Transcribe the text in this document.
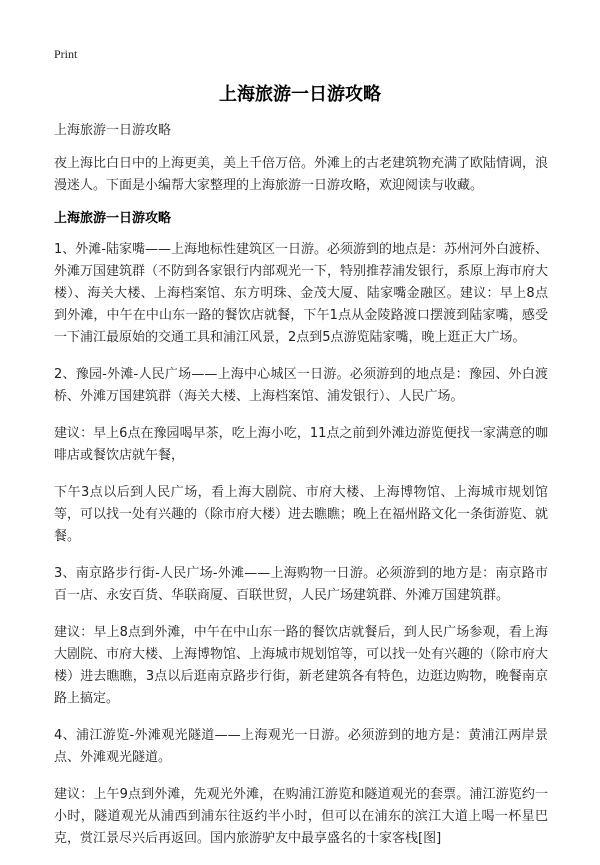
Print
上海旅游一日游攻略

上海旅游一日游攻略

夜上海比白日中的上海更美，美上千倍万倍。外滩上的古老建筑物充满了欧陆情调，浪漫迷人。下面是小编帮大家整理的上海旅游一日游攻略，欢迎阅读与收藏。

上海旅游一日游攻略

1、外滩-陆家嘴——上海地标性建筑区一日游。必须游到的地点是：苏州河外白渡桥、外滩万国建筑群（不防到各家银行内部观光一下，特别推荐浦发银行，系原上海市府大楼）、海关大楼、上海档案馆、东方明珠、金茂大厦、陆家嘴金融区。建议：早上8点到外滩，中午在中山东一路的餐饮店就餐，下午1点从金陵路渡口摆渡到陆家嘴，感受一下浦江最原始的交通工具和浦江风景，2点到5点游览陆家嘴，晚上逛正大广场。

2、豫园-外滩-人民广场——上海中心城区一日游。必须游到的地点是：豫园、外白渡桥、外滩万国建筑群（海关大楼、上海档案馆、浦发银行）、人民广场。

建议：早上6点在豫园喝早茶，吃上海小吃，11点之前到外滩边游览便找一家满意的咖啡店或餐饮店就午餐，

下午3点以后到人民广场，看上海大剧院、市府大楼、上海博物馆、上海城市规划馆等，可以找一处有兴趣的（除市府大楼）进去瞧瞧；晚上在福州路文化一条街游览、就餐。

3、南京路步行街-人民广场-外滩——上海购物一日游。必须游到的地方是：南京路市百一店、永安百货、华联商厦、百联世贸，人民广场建筑群、外滩万国建筑群。

建议：早上8点到外滩，中午在中山东一路的餐饮店就餐后，到人民广场参观，看上海大剧院、市府大楼、上海博物馆、上海城市规划馆等，可以找一处有兴趣的（除市府大楼）进去瞧瞧，3点以后逛南京路步行街，新老建筑各有特色，边逛边购物，晚餐南京路上搞定。

4、浦江游览-外滩观光隧道——上海观光一日游。必须游到的地方是：黄浦江两岸景点、外滩观光隧道。

建议：上午9点到外滩，先观光外滩，在购浦江游览和隧道观光的套票。浦江游览约一小时，隧道观光从浦西到浦东往返约半小时，但可以在浦东的滨江大道上喝一杯星巴克，赏江景尽兴后再返回。国内旅游驴友中最享盛名的十家客栈[图]
